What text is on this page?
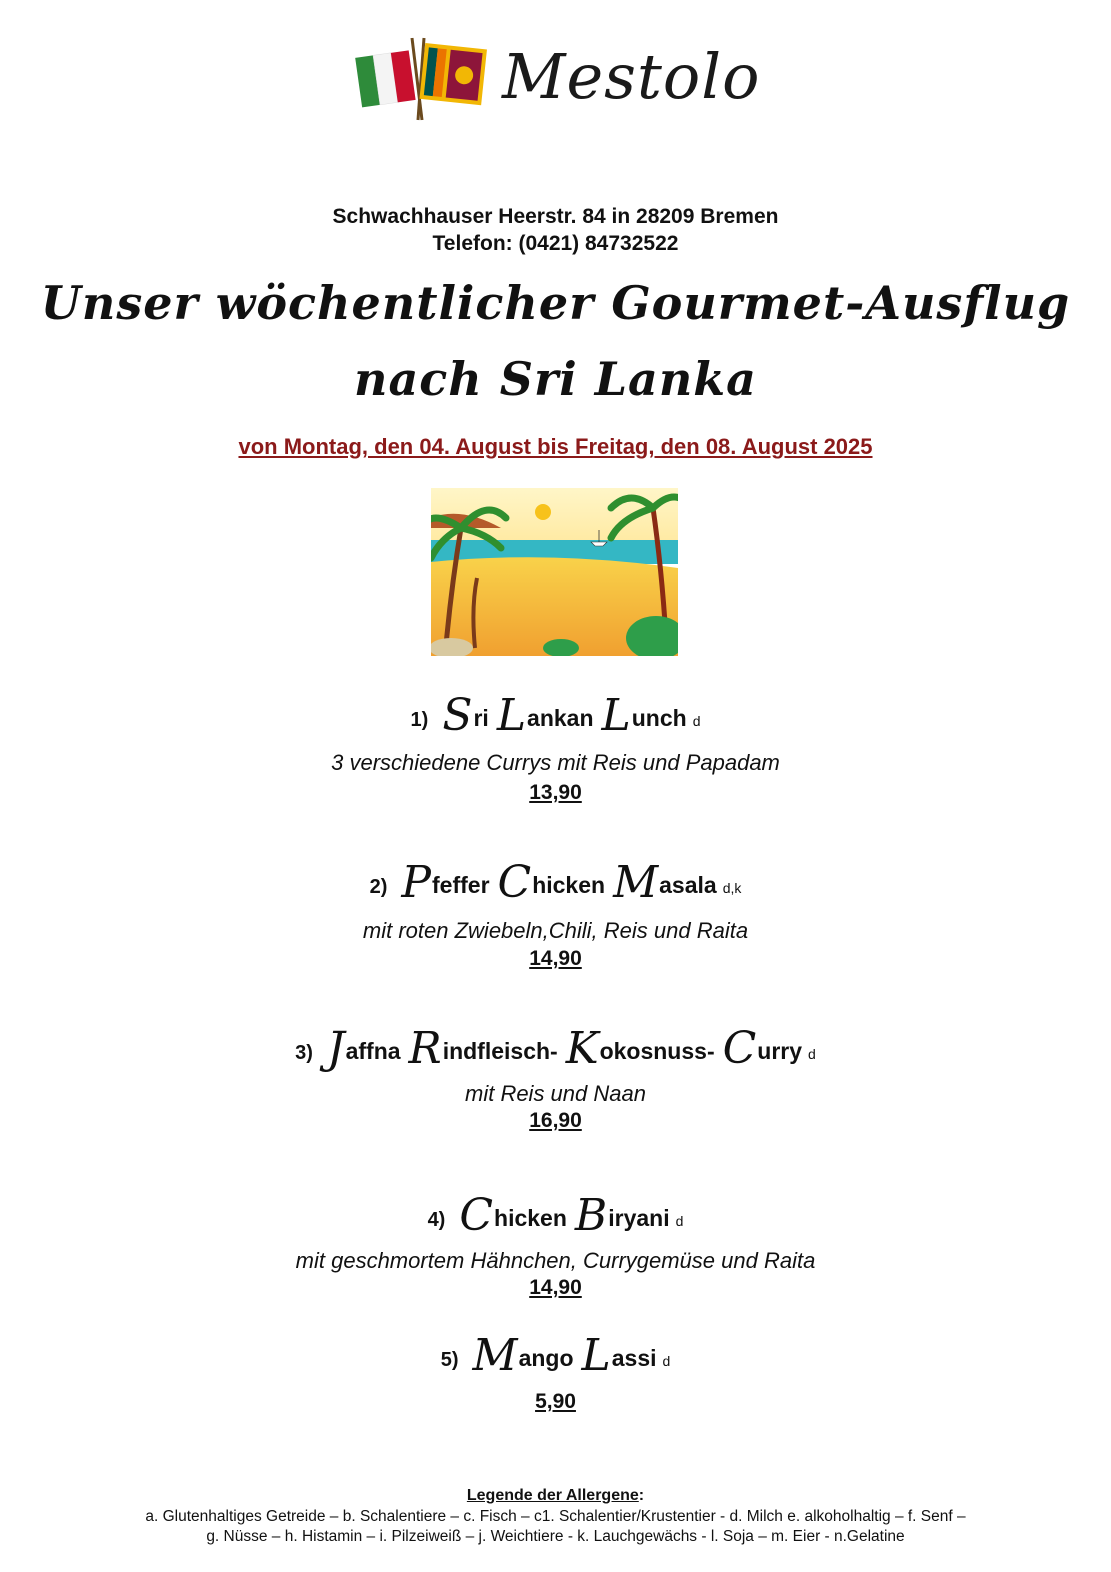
Mestolo
Schwachhauser Heerstr. 84 in 28209 Bremen
Telefon: (0421) 84732522
Unser wöchentlicher Gourmet-Ausflug
nach Sri Lanka
von Montag, den 04. August bis Freitag, den 08. August 2025
1) Sri Lankan Lunch d
3 verschiedene Currys mit Reis und Papadam
13,90
2) Pfeffer Chicken Masala d,k
mit roten Zwiebeln,Chili, Reis und Raita
14,90
3) Jaffna Rindfleisch- Kokosnuss- Curry d
mit Reis und Naan
16,90
4) Chicken Biryani d
mit geschmortem Hähnchen, Currygemüse und Raita
14,90
5) Mango Lassi d
5,90
Legende der Allergene:
a. Glutenhaltiges Getreide – b. Schalentiere – c. Fisch – c1. Schalentier/Krustentier - d. Milch e. alkoholhaltig – f. Senf –
g. Nüsse – h. Histamin – i. Pilzeiweiß – j. Weichtiere - k. Lauchgewächs - l. Soja – m. Eier - n.Gelatine
